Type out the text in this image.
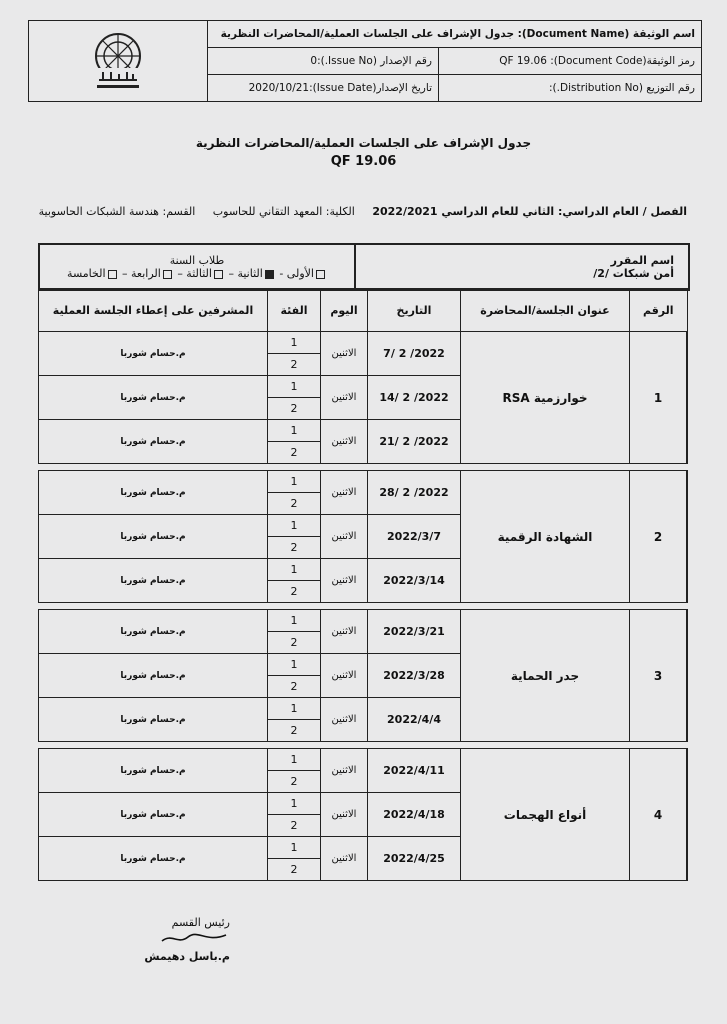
اسم الوثيقة (Document Name):

جدول الإشراف على الجلسات العملية/المحاضرات النظرية
رمز الوثيقة(Document Code):

QF 19.06
رقم الإصدار (Issue No.):
0
رقم التوزيع (Distribution No.):
تاريخ الإصدار(Issue Date):
2020/10/21
جدول الإشراف على الجلسات العملية/المحاضرات النظرية
QF 19.06
الفصل / العام الدراسي: الثاني للعام الدراسي 2022/2021 الكلية: المعهد التقاني للحاسوب القسم: هندسة الشبكات الحاسوبية
اسم المقرر
أمن شبكات /2/
طلاب السنة
الأولى - الثانية – الثالثة – الرابعة – الخامسة
الرقم	عنوان الجلسة/المحاضرة	التاريخ	اليوم	الفئة	المشرفين على إعطاء الجلسة العملية
1	خوارزمية RSA	2022/ 2 /7	الاثنين	1	م.حسام شوربا
				2	
		2022/ 2 /14	الاثنين	1	م.حسام شوربا
				2	
		2022/ 2 /21	الاثنين	1	م.حسام شوربا
				2	

2	الشهادة الرقمية	2022/ 2 /28	الاثنين	1	م.حسام شوربا
				2	
		2022/3/7	الاثنين	1	م.حسام شوربا
				2	
		2022/3/14	الاثنين	1	م.حسام شوربا
				2	

3	جدر الحماية	2022/3/21	الاثنين	1	م.حسام شوربا
				2	
		2022/3/28	الاثنين	1	م.حسام شوربا
				2	
		2022/4/4	الاثنين	1	م.حسام شوربا
				2	

4	أنواع الهجمات	2022/4/11	الاثنين	1	م.حسام شوربا
				2	
		2022/4/18	الاثنين	1	م.حسام شوربا
				2	
		2022/4/25	الاثنين	1	م.حسام شوربا
				2	
رئيس القسم
م.باسل دهيمش
